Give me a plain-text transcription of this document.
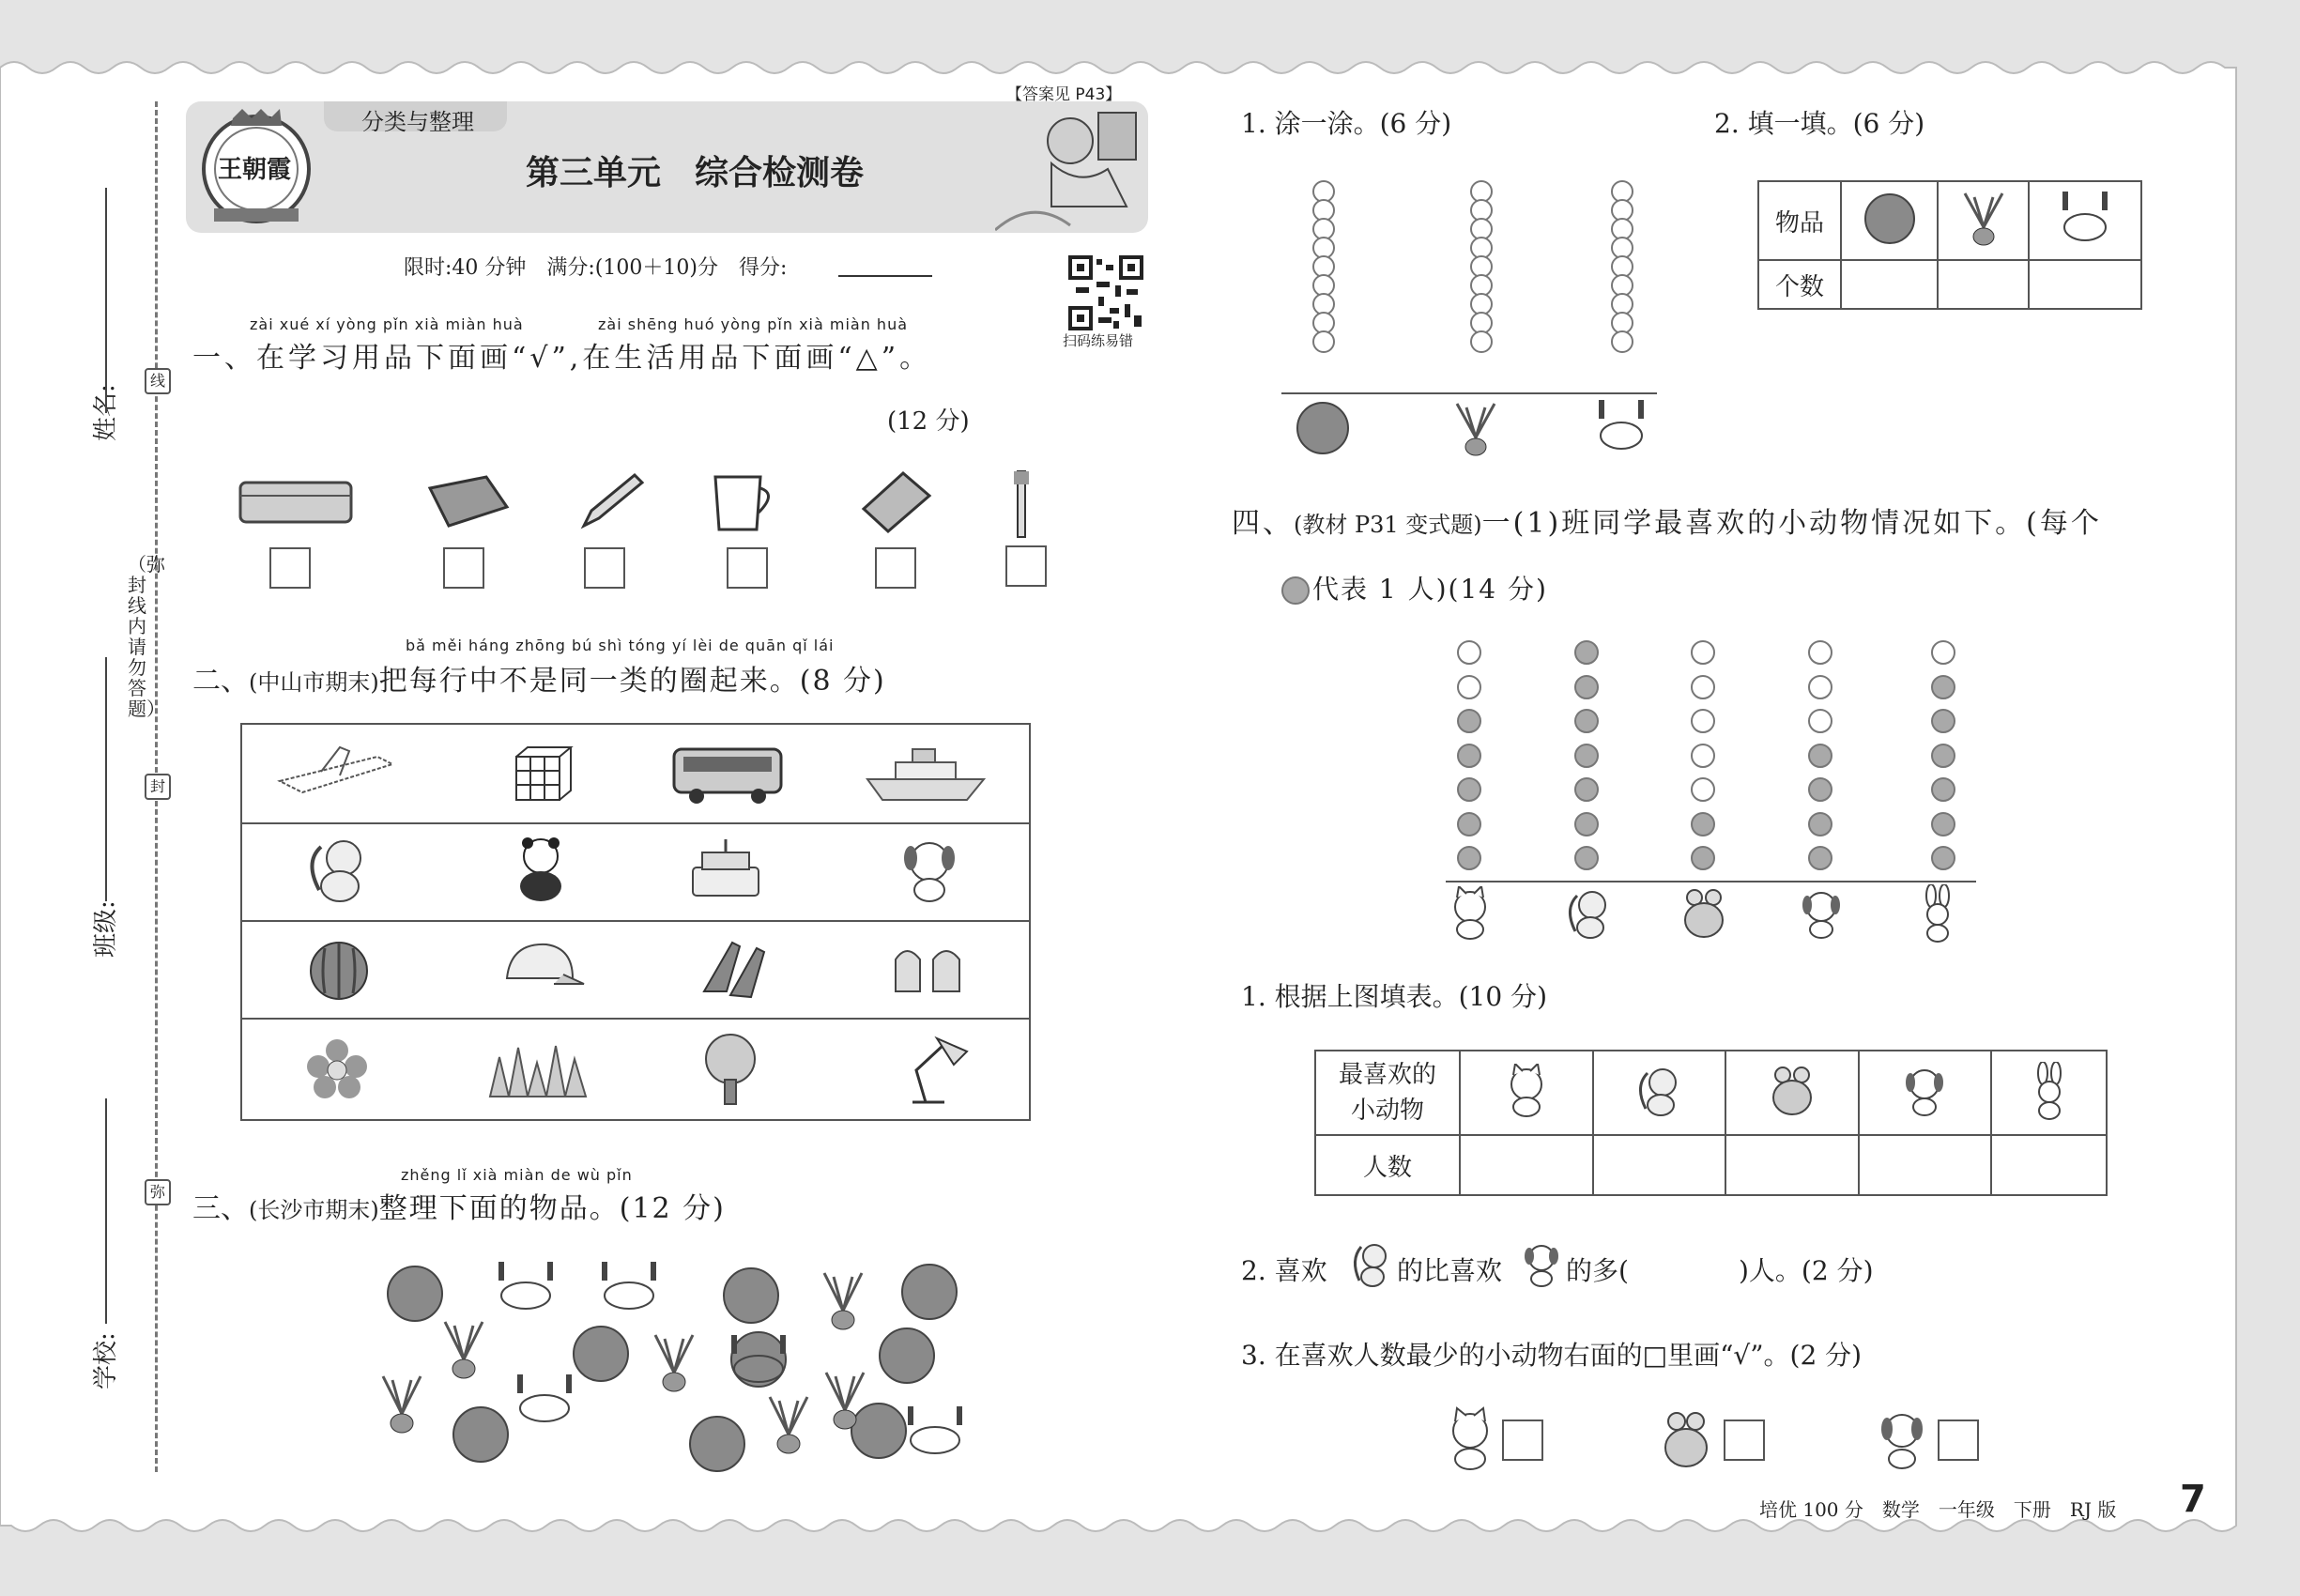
姓名:
班级:
学校:
（弥封线内请勿答题）
线
封
弥
分类与整理
【答案见 P43】
第三单元　综合检测卷
王朝霞
限时:40 分钟　满分:(100＋10)分　得分:
扫码练易错
zài xué xí yòng pǐn xià miàn huà	zài shēng huó yòng pǐn xià miàn huà
一、在学习用品下面画“√”,在生活用品下面画“△”。
(12 分)
bǎ měi háng zhōng bú shì tóng yí lèi de quān qǐ lái
二、(中山市期末)把每行中不是同一类的圈起来。(8 分)
zhěng lǐ xià miàn de wù pǐn
三、(长沙市期末)整理下面的物品。(12 分)
1. 涂一涂。(6 分)	2. 填一填。(6 分)
物品			
个数			
四、(教材 P31 变式题)一(1)班同学最喜欢的小动物情况如下。(每个
代表 1 人)(14 分)
1. 根据上图填表。(10 分)
最喜欢的
小动物					
人数					
2. 喜欢	的比喜欢 的多(	)人。(2 分)
3. 在喜欢人数最少的小动物右面的□里画“√”。(2 分)
培优 100 分　数学　一年级　下册　RJ 版 7
